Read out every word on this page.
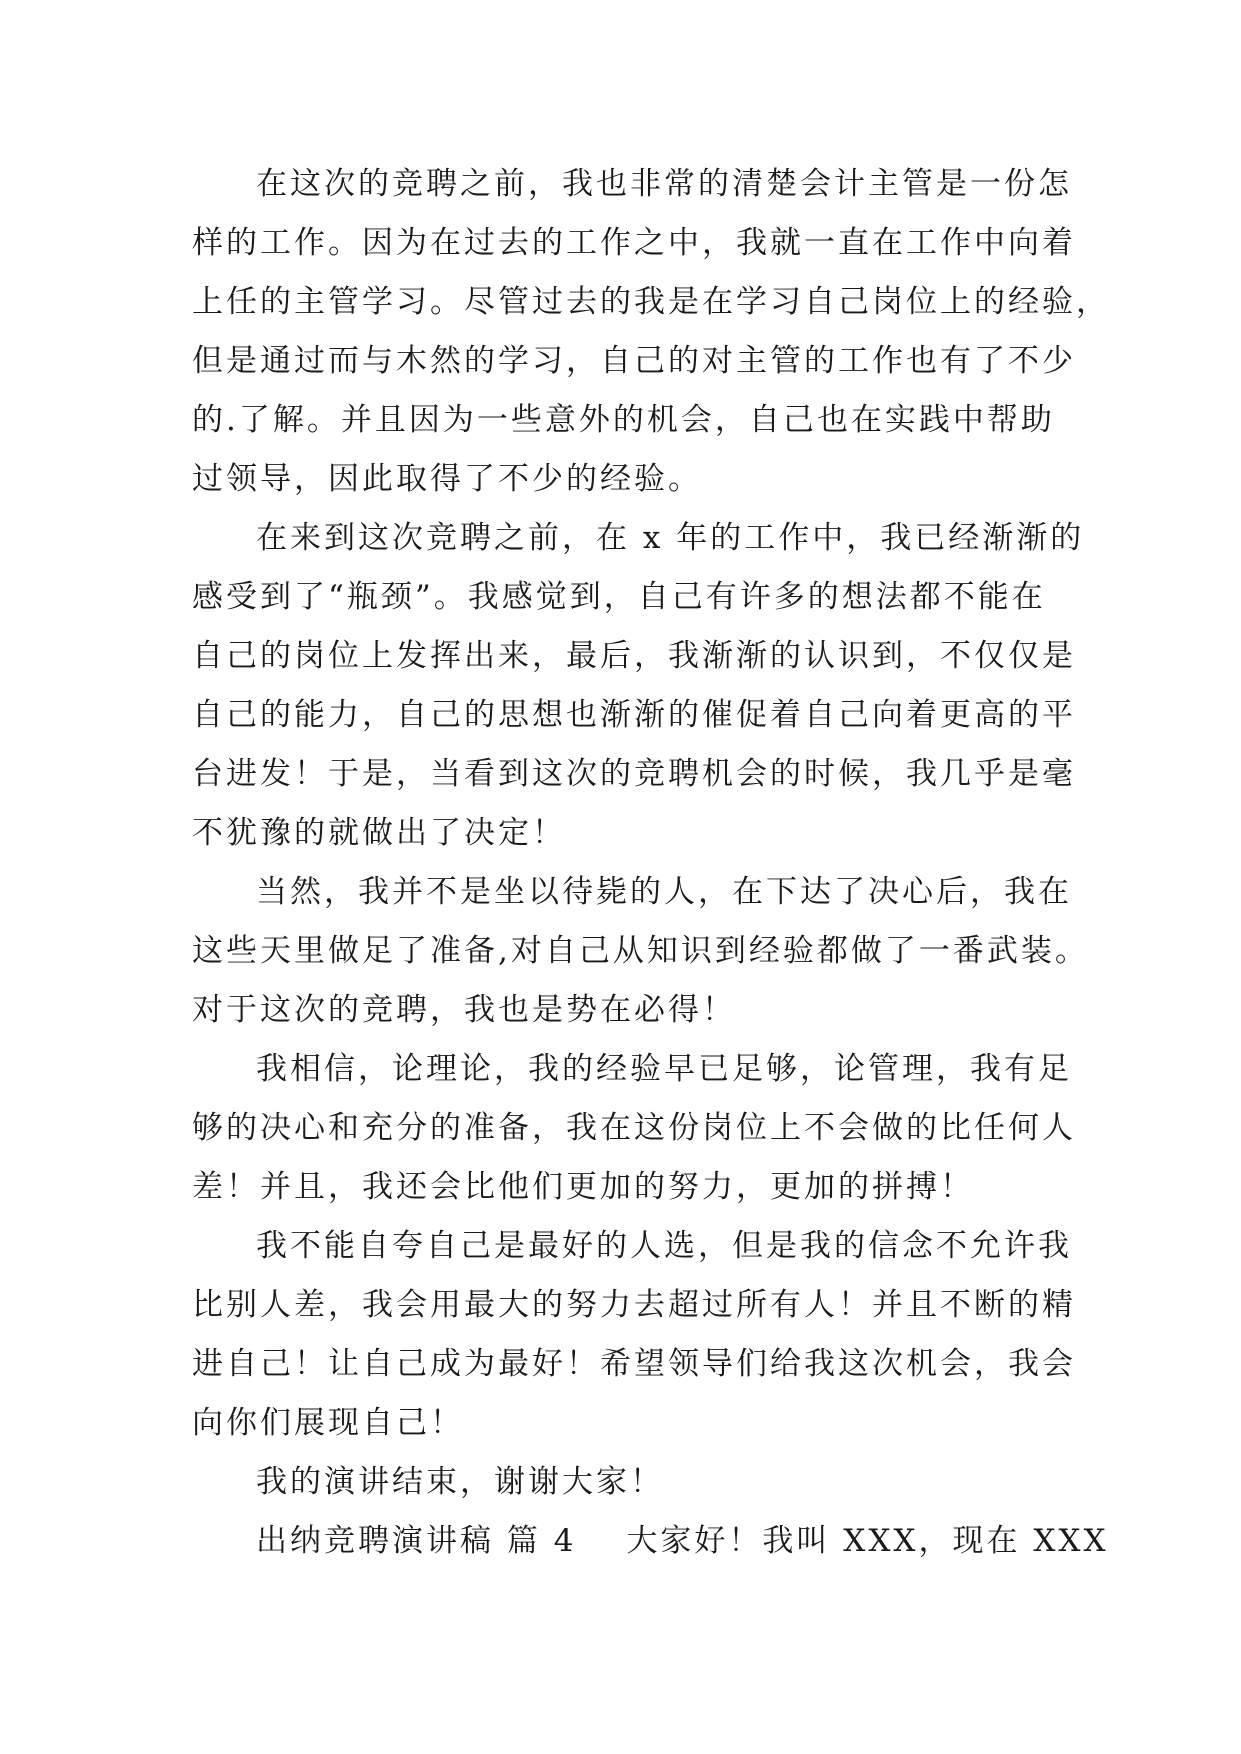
在这次的竞聘之前，我也非常的清楚会计主管是一份怎
样的工作。因为在过去的工作之中，我就一直在工作中向着
上任的主管学习。尽管过去的我是在学习自己岗位上的经验，
但是通过而与木然的学习，自己的对主管的工作也有了不少
的.了解。并且因为一些意外的机会，自己也在实践中帮助
过领导，因此取得了不少的经验。
在来到这次竞聘之前，在 x 年的工作中，我已经渐渐的
感受到了“瓶颈”。我感觉到，自己有许多的想法都不能在
自己的岗位上发挥出来，最后，我渐渐的认识到，不仅仅是
自己的能力，自己的思想也渐渐的催促着自己向着更高的平
台进发！于是，当看到这次的竞聘机会的时候，我几乎是毫
不犹豫的就做出了决定！
当然，我并不是坐以待毙的人，在下达了决心后，我在
这些天里做足了准备,对自己从知识到经验都做了一番武装。
对于这次的竞聘，我也是势在必得！
我相信，论理论，我的经验早已足够，论管理，我有足
够的决心和充分的准备，我在这份岗位上不会做的比任何人
差！并且，我还会比他们更加的努力，更加的拼搏！
我不能自夸自己是最好的人选，但是我的信念不允许我
比别人差，我会用最大的努力去超过所有人！并且不断的精
进自己！让自己成为最好！希望领导们给我这次机会，我会
向你们展现自己！
我的演讲结束，谢谢大家！
出纳竞聘演讲稿 篇 4 大家好！我叫 XXX，现在 XXX
